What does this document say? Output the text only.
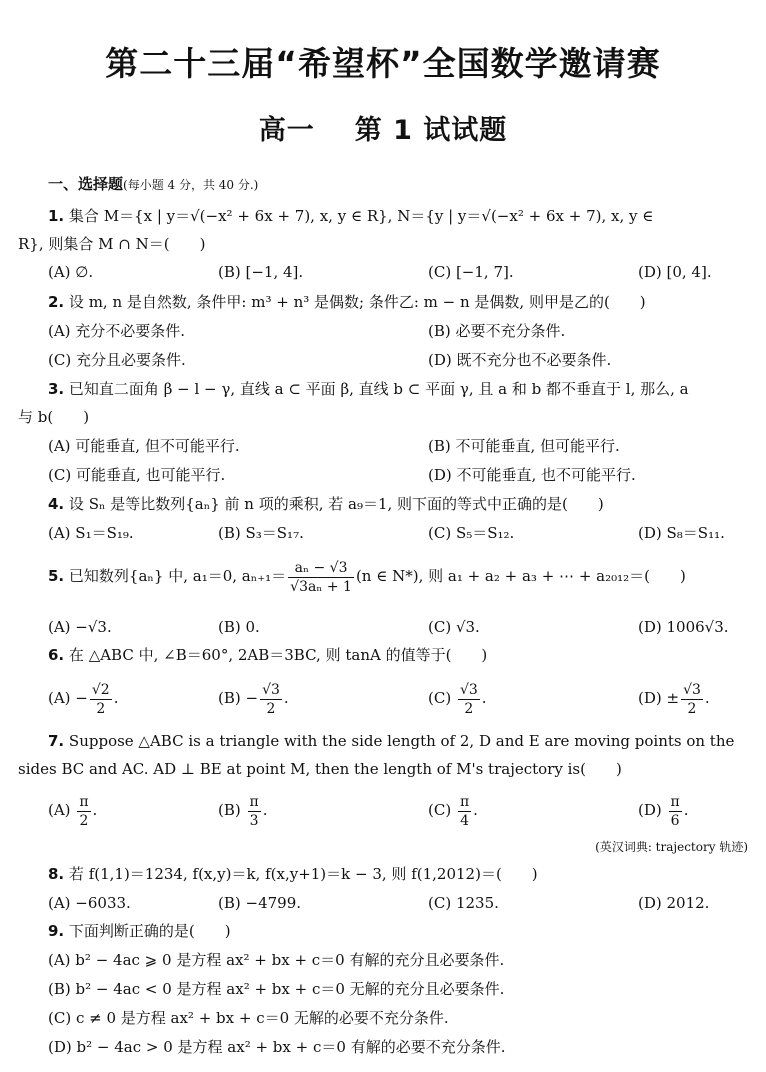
第二十三届“希望杯”全国数学邀请赛
高一 第 1 试试题
一、选择题(每小题 4 分，共 40 分.)
1. 集合 M＝{x | y＝√(−x² + 6x + 7), x, y ∈ R}, N＝{y | y＝√(−x² + 6x + 7), x, y ∈
R}, 则集合 M ∩ N＝(　　)
(A) ∅.	(B) [−1, 4].	(C) [−1, 7].	(D) [0, 4].
2. 设 m, n 是自然数, 条件甲: m³ + n³ 是偶数; 条件乙: m − n 是偶数, 则甲是乙的(　　)
(A) 充分不必要条件.	(B) 必要不充分条件.
(C) 充分且必要条件.	(D) 既不充分也不必要条件.
3. 已知直二面角 β − l − γ, 直线 a ⊂ 平面 β, 直线 b ⊂ 平面 γ, 且 a 和 b 都不垂直于 l, 那么, a
与 b(　　)
(A) 可能垂直, 但不可能平行.	(B) 不可能垂直, 但可能平行.
(C) 可能垂直, 也可能平行.	(D) 不可能垂直, 也不可能平行.
4. 设 Sₙ 是等比数列{aₙ} 前 n 项的乘积, 若 a₉＝1, 则下面的等式中正确的是(　　)
(A) S₁＝S₁₉.	(B) S₃＝S₁₇.	(C) S₅＝S₁₂.	(D) S₈＝S₁₁.
5. 已知数列{aₙ} 中, a₁＝0, $a_{n+1}= \frac{\text{aₙ − √3}}{\text{√3aₙ + 1}} (n$ ∈ N*), 则 a₁ + a₂ + a₃ + ⋯ + a₂₀₁₂＝(　　)
(A) −√3.	(B) 0.	(C) √3.	(D) 1006√3.
6. 在 △ABC 中, ∠B＝60°, 2AB＝3BC, 则 tanA 的值等于(　　)
$(A) - \frac{√2}{2}$ .	$(B) - \frac{√3}{2}$ .	$(C) \frac{√3}{2}$ .	$(D) \pm \frac{√3}{2}$ .
7. Suppose △ABC is a triangle with the side length of 2, D and E are moving points on the
sides BC and AC. AD ⊥ BE at point M, then the length of M's trajectory is(　　)
$(A) \frac{\pi}{2}$ .	$(B) \frac{\pi}{3}$ .	$(C) \frac{\pi}{4}$ .	$(D) \frac{\pi}{6}$ .
(英汉词典: trajectory 轨迹)
8. 若 f(1,1)＝1234, f(x,y)＝k, f(x,y+1)＝k − 3, 则 f(1,2012)＝(　　)
(A) −6033.	(B) −4799.	(C) 1235.	(D) 2012.
9. 下面判断正确的是(　　)
(A) b² − 4ac ⩾ 0 是方程 ax² + bx + c＝0 有解的充分且必要条件.
(B) b² − 4ac < 0 是方程 ax² + bx + c＝0 无解的充分且必要条件.
(C) c ≠ 0 是方程 ax² + bx + c＝0 无解的必要不充分条件.
(D) b² − 4ac > 0 是方程 ax² + bx + c＝0 有解的必要不充分条件.
